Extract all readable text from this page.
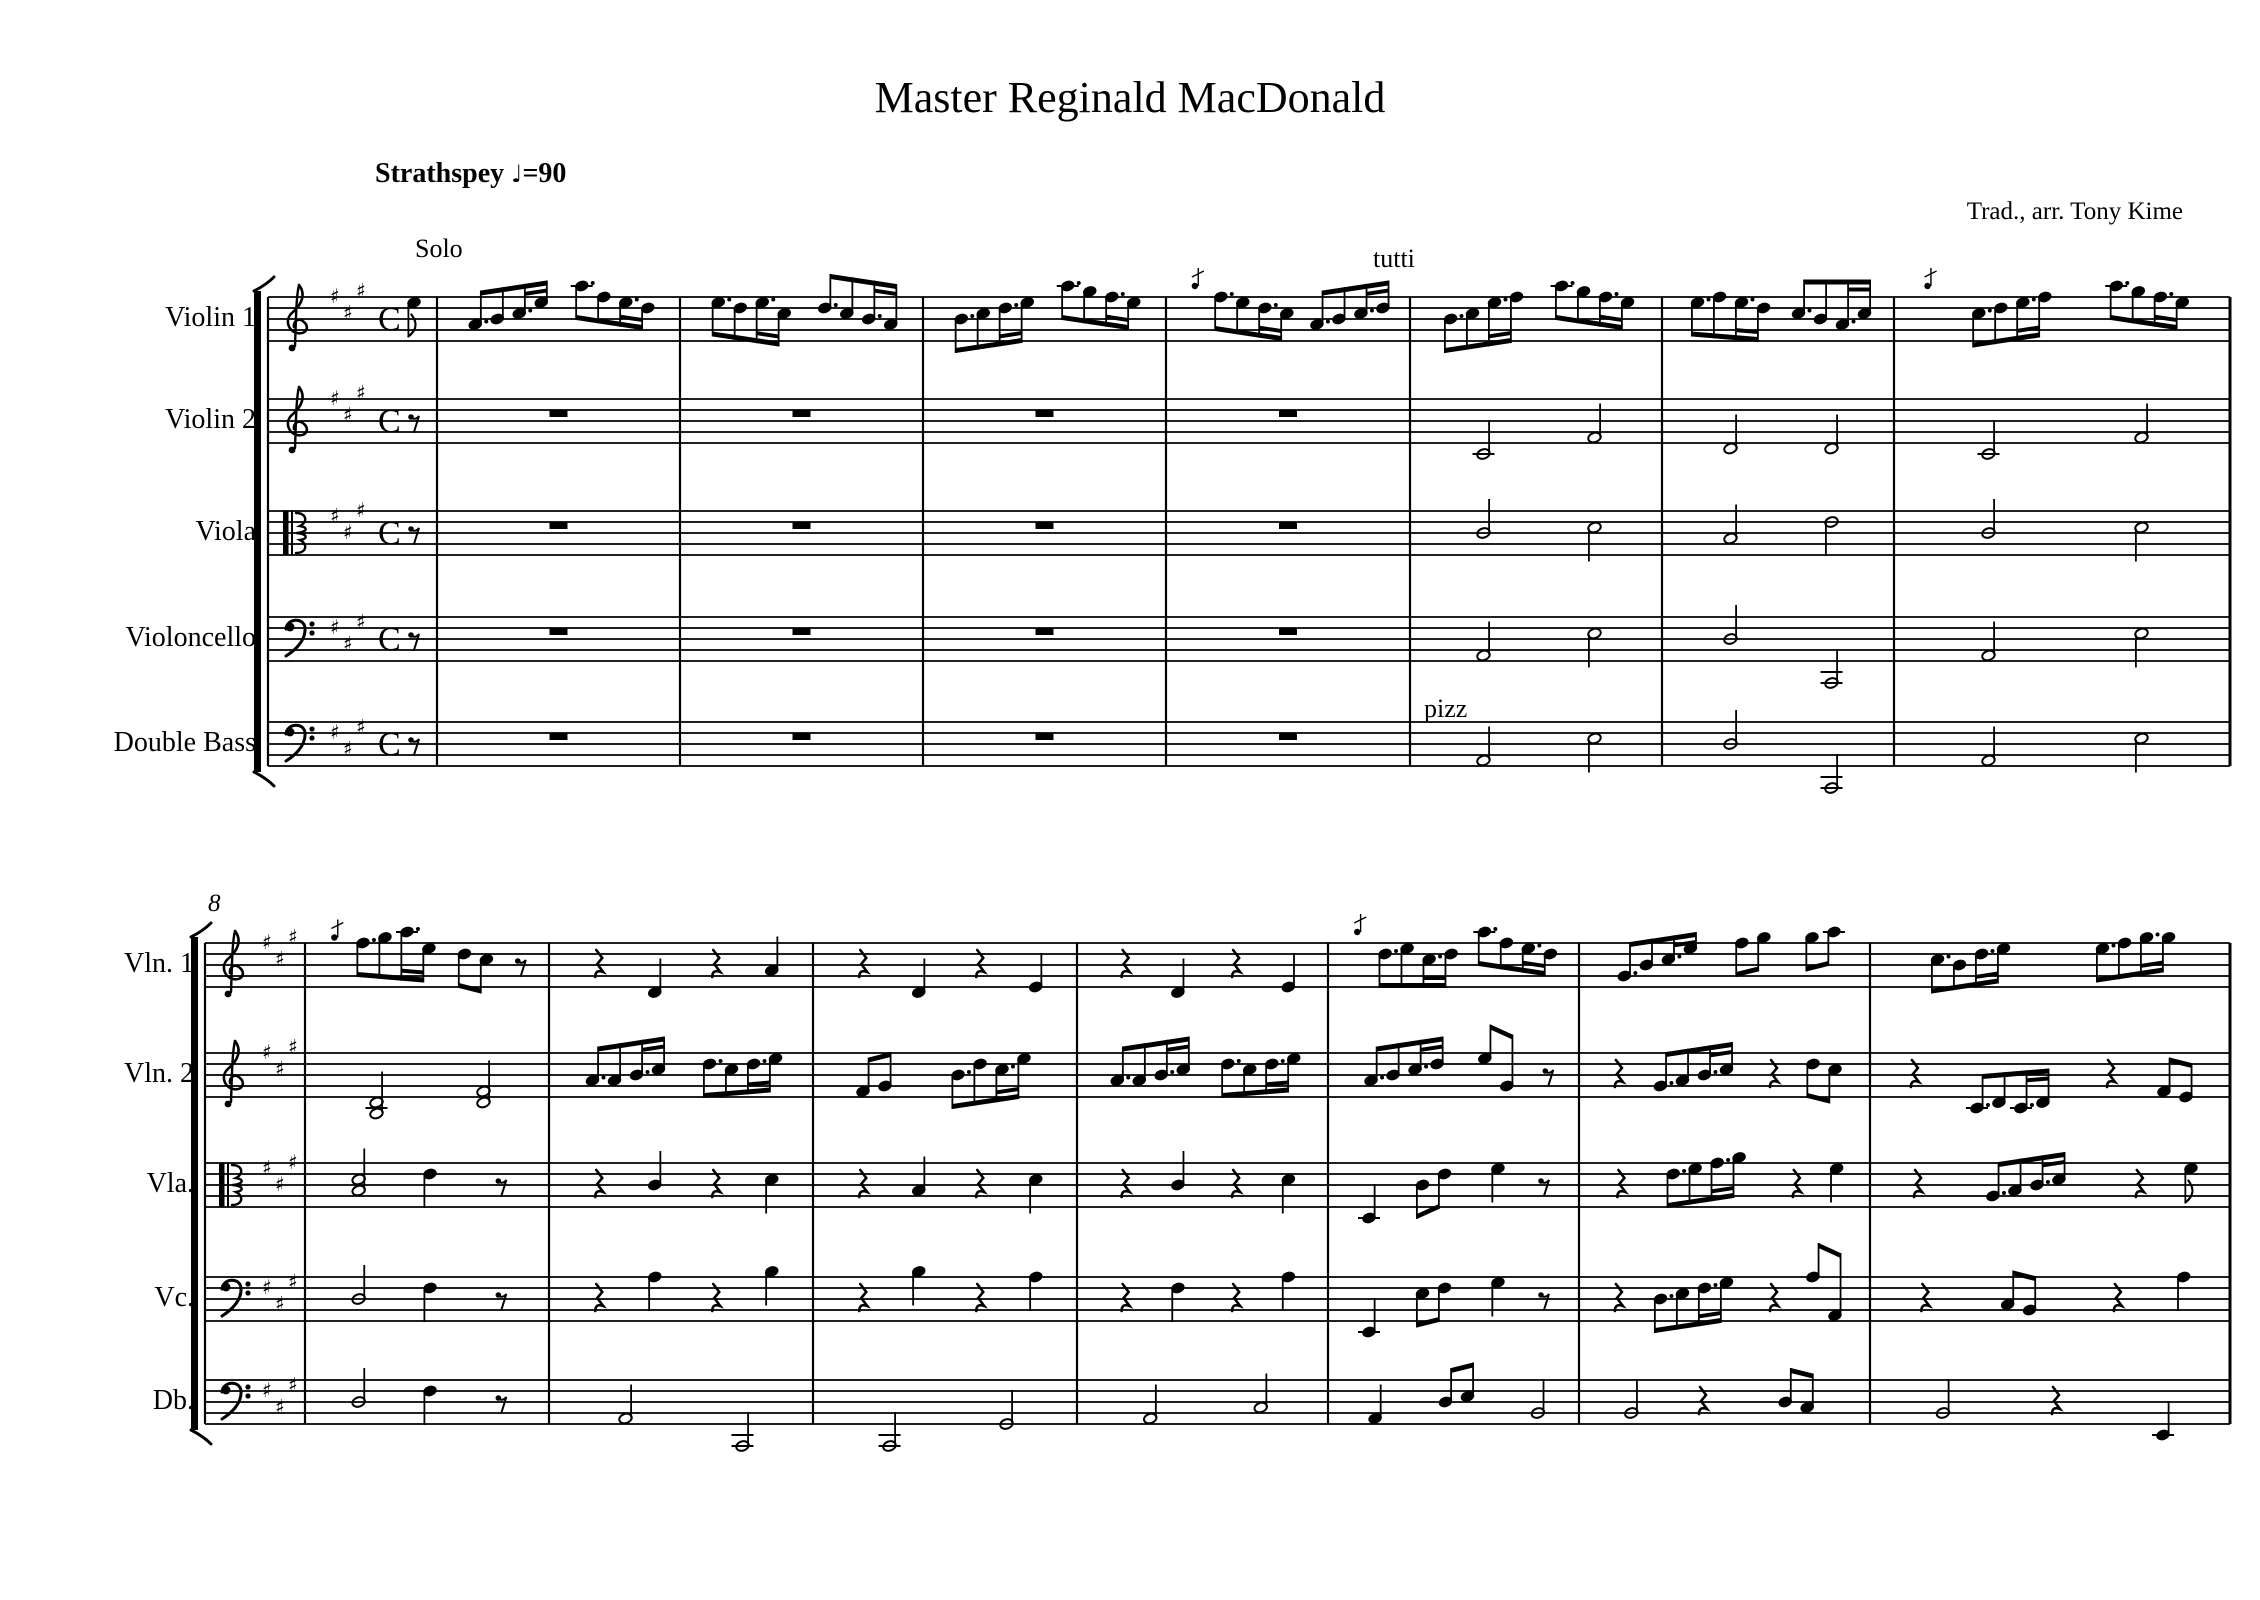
♯
♯
♯
C
♯
♯
♯
C
♯
♯
♯
C
♯
♯
♯ C
♯
♯
♯ C
♯
♯
♯
♯
♯
♯
♯
♯
♯
♯
♯
♯
♯
♯
♯
Master Reginald MacDonald
Strathspey ♩=90
Trad., arr. Tony Kime
Solo	tutti
pizz
8
Violin 1
Violin 2
Viola
Violoncello
Double Bass
Vln. 1
Vln. 2
Vla.
Vc.
Db.
